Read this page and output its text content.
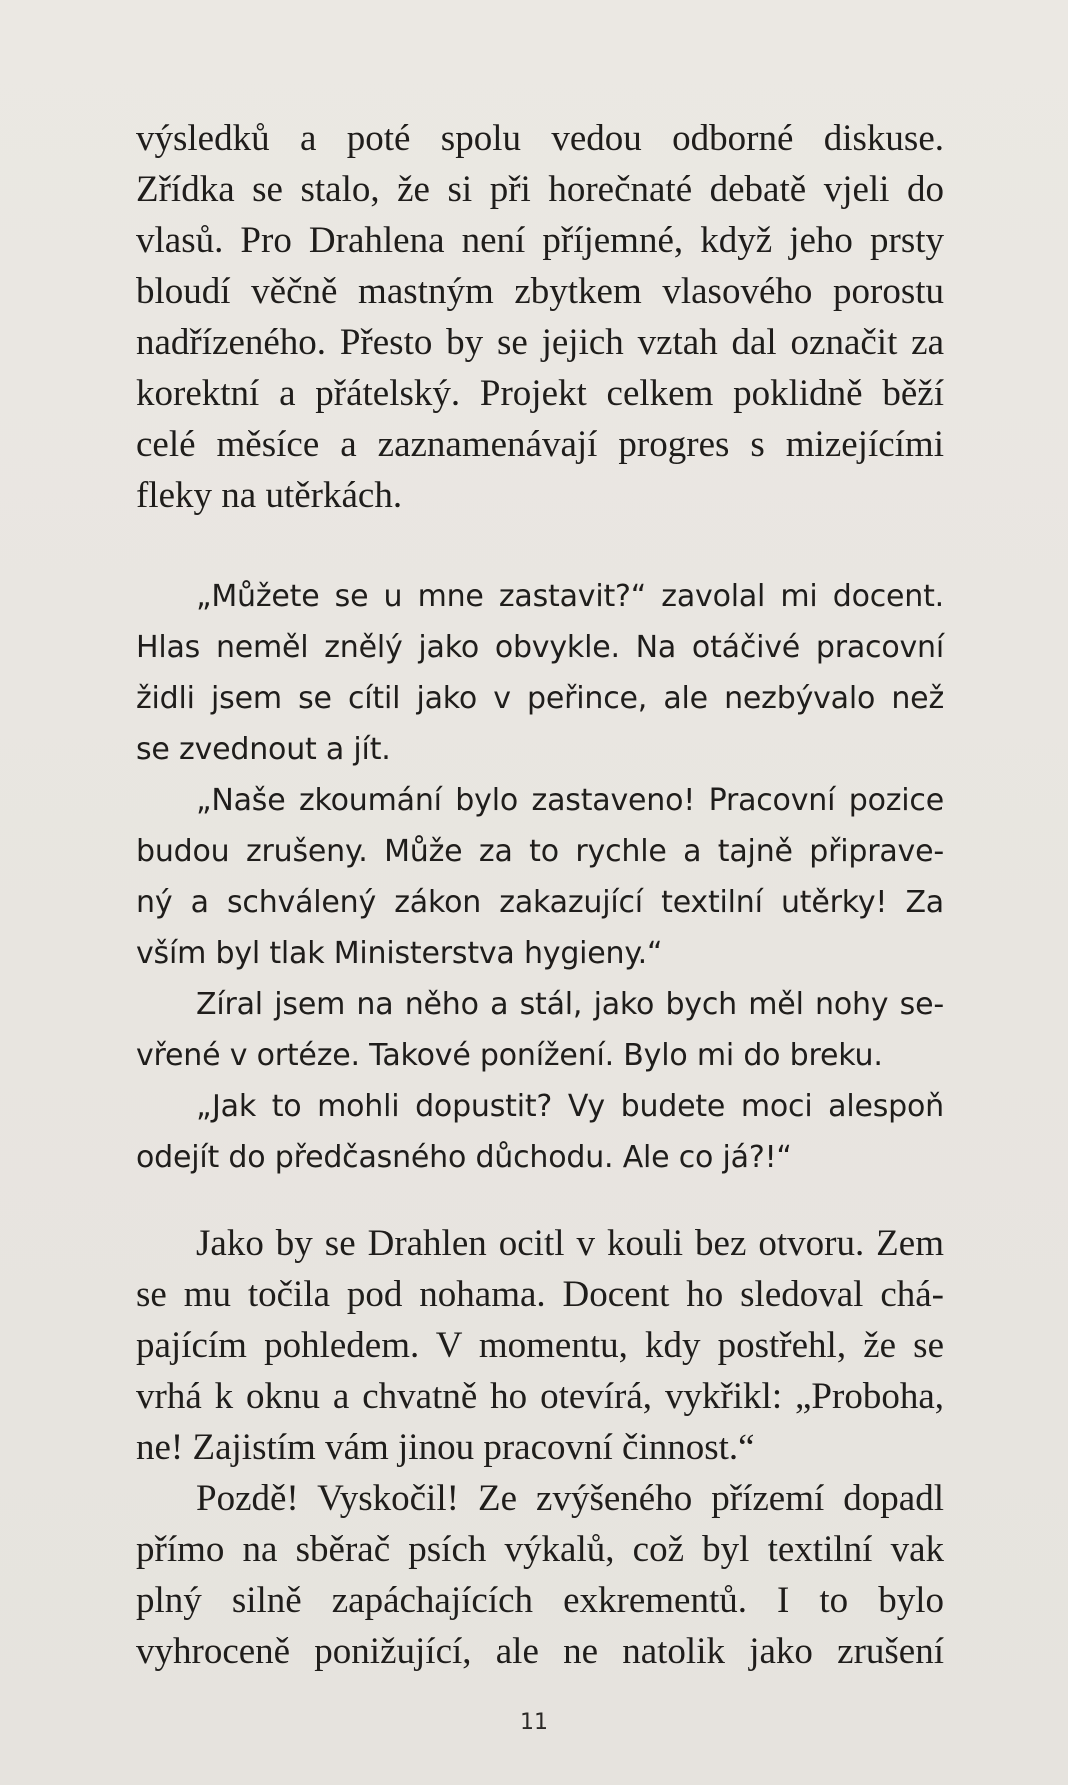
výsledků a poté spolu vedou odborné diskuse.

Zřídka se stalo, že si při horečnaté debatě vjeli do

vlasů. Pro Drahlena není příjemné, když jeho prsty

bloudí věčně mastným zbytkem vlasového porostu

nadřízeného. Přesto by se jejich vztah dal označit za

korektní a přátelský. Projekt celkem poklidně běží

celé měsíce a zaznamenávají progres s mizejícími

fleky na utěrkách.

„Můžete se u mne zastavit?“ zavolal mi docent.

Hlas neměl znělý jako obvykle. Na otáčivé pracovní

židli jsem se cítil jako v peřince, ale nezbývalo než

se zvednout a jít.

„Naše zkoumání bylo zastaveno! Pracovní pozice

budou zrušeny. Může za to rychle a tajně připrave-

ný a schválený zákon zakazující textilní utěrky! Za

vším byl tlak Ministerstva hygieny.“

Zíral jsem na něho a stál, jako bych měl nohy se-

vřené v ortéze. Takové ponížení. Bylo mi do breku.

„Jak to mohli dopustit? Vy budete moci alespoň

odejít do předčasného důchodu. Ale co já?!“

Jako by se Drahlen ocitl v kouli bez otvoru. Zem

se mu točila pod nohama. Docent ho sledoval chá-

pajícím pohledem. V momentu, kdy postřehl, že se

vrhá k oknu a chvatně ho otevírá, vykřikl: „Proboha,

ne! Zajistím vám jinou pracovní činnost.“

Pozdě! Vyskočil! Ze zvýšeného přízemí dopadl

přímo na sběrač psích výkalů, což byl textilní vak

plný silně zapáchajících exkrementů. I to bylo

vyhroceně ponižující, ale ne natolik jako zrušení

11
